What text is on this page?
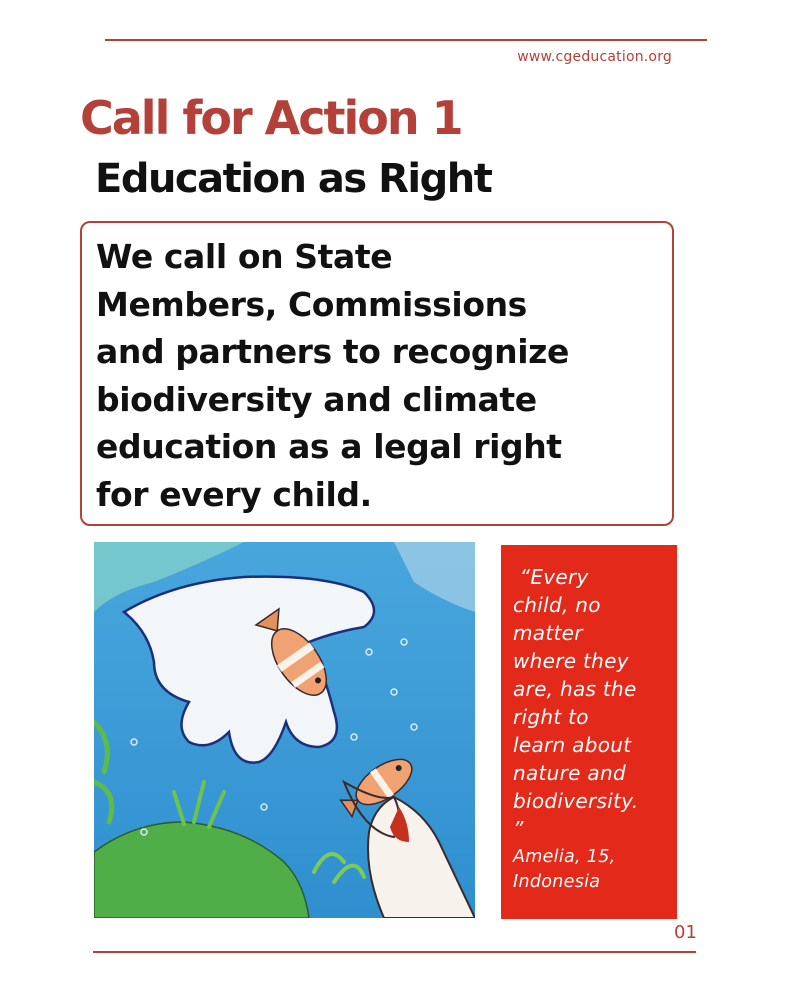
www.cgeducation.org
Call for Action 1
Education as Right

We call on State
Members, Commissions
and partners to recognize
biodiversity and climate
education as a legal right
for every child.

“Every
child, no
matter
where they
are, has the
right to
learn about
nature and
biodiversity.
”

Amelia, 15,
Indonesia

01
